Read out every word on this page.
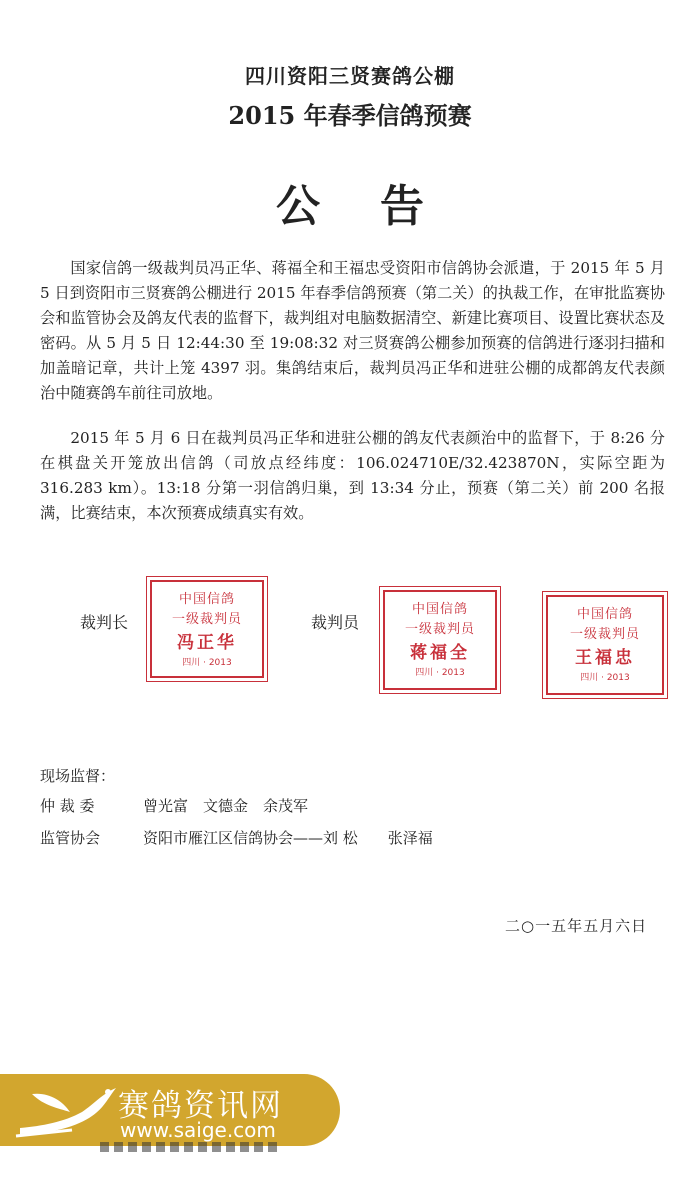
四川资阳三贤赛鸽公棚
2015 年春季信鸽预赛
公告
国家信鸽一级裁判员冯正华、蒋福全和王福忠受资阳市信鸽协会派遣，于 2015 年 5 月 5 日到资阳市三贤赛鸽公棚进行 2015 年春季信鸽预赛（第二关）的执裁工作，在审批监赛协会和监管协会及鸽友代表的监督下，裁判组对电脑数据清空、新建比赛项目、设置比赛状态及密码。从 5 月 5 日 12:44:30 至 19:08:32 对三贤赛鸽公棚参加预赛的信鸽进行逐羽扫描和加盖暗记章，共计上笼 4397 羽。集鸽结束后，裁判员冯正华和进驻公棚的成都鸽友代表颜治中随赛鸽车前往司放地。
2015 年 5 月 6 日在裁判员冯正华和进驻公棚的鸽友代表颜治中的监督下，于 8:26 分在棋盘关开笼放出信鸽（司放点经纬度：106.024710E/32.423870N，实际空距为 316.283 km）。13:18 分第一羽信鸽归巢，到 13:34 分止，预赛（第二关）前 200 名报满，比赛结束，本次预赛成绩真实有效。
裁判长	裁判员
中国信鸽
一级裁判员
冯正华
四川 · 2013
中国信鸽
一级裁判员
蒋福全
四川 · 2013
中国信鸽
一级裁判员
王福忠
四川 · 2013
现场监督：
仲 裁 委	曾光富　文德金　余茂军
监管协会	资阳市雁江区信鸽协会——刘 松　　张泽福
二○一五年五月六日
赛鸽资讯网
www.saige.com
